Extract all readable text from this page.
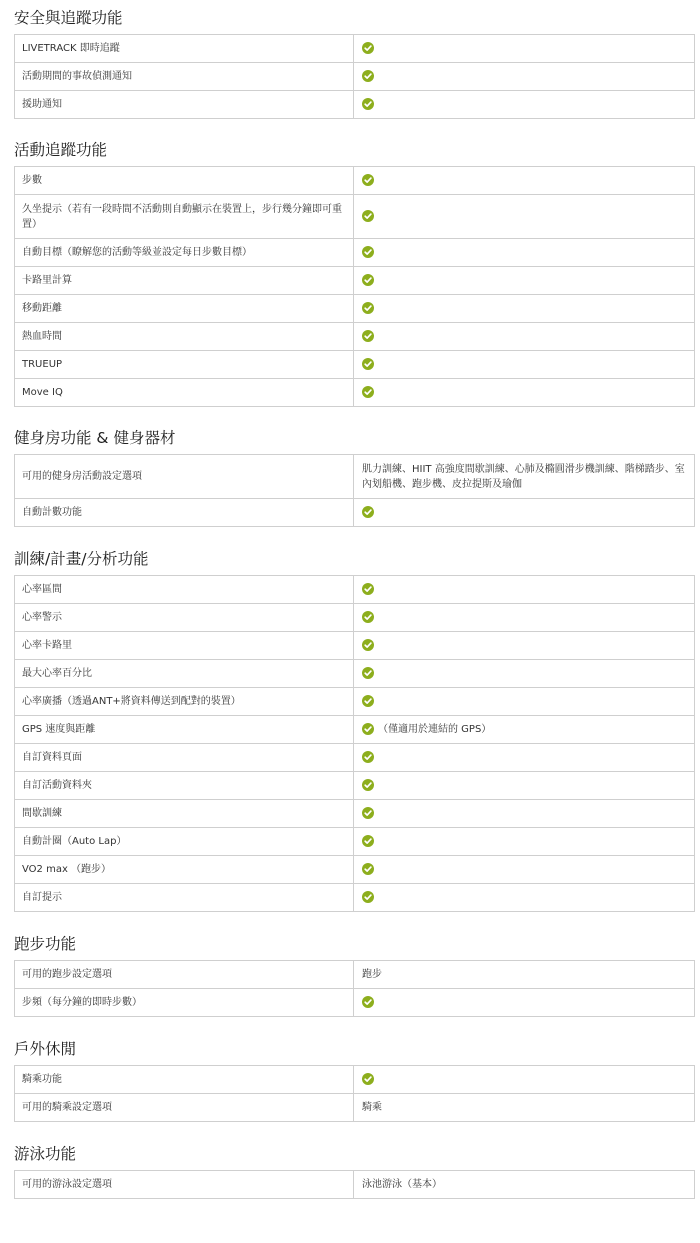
安全與追蹤功能
LIVETRACK 即時追蹤	

活動期間的事故偵測通知	

援助通知	
活動追蹤功能
步數	

久坐提示（若有一段時間不活動則自動顯示在裝置上，步行幾分鐘即可重置）	

自動目標（瞭解您的活動等級並設定每日步數目標）	

卡路里計算	

移動距離	

熱血時間	

TRUEUP	

Move IQ	
健身房功能 & 健身器材
可用的健身房活動設定選項	肌力訓練、HIIT 高強度間歇訓練、心肺及橢圓滑步機訓練、階梯踏步、室內划船機、跑步機、皮拉提斯及瑜伽
自動計數功能	
訓練/計畫/分析功能
心率區間	

心率警示	

心率卡路里	

最大心率百分比	

心率廣播（透過ANT+將資料傳送到配對的裝置）	

GPS 速度與距離	（僅適用於連結的 GPS）
自訂資料頁面	

自訂活動資料夾	

間歇訓練	

自動計圈（Auto Lap）	

VO2 max （跑步）	

自訂提示	
跑步功能
可用的跑步設定選項	跑步
步頻（每分鐘的即時步數）	
戶外休閒
騎乘功能	

可用的騎乘設定選項	騎乘
游泳功能
可用的游泳設定選項	泳池游泳（基本）
